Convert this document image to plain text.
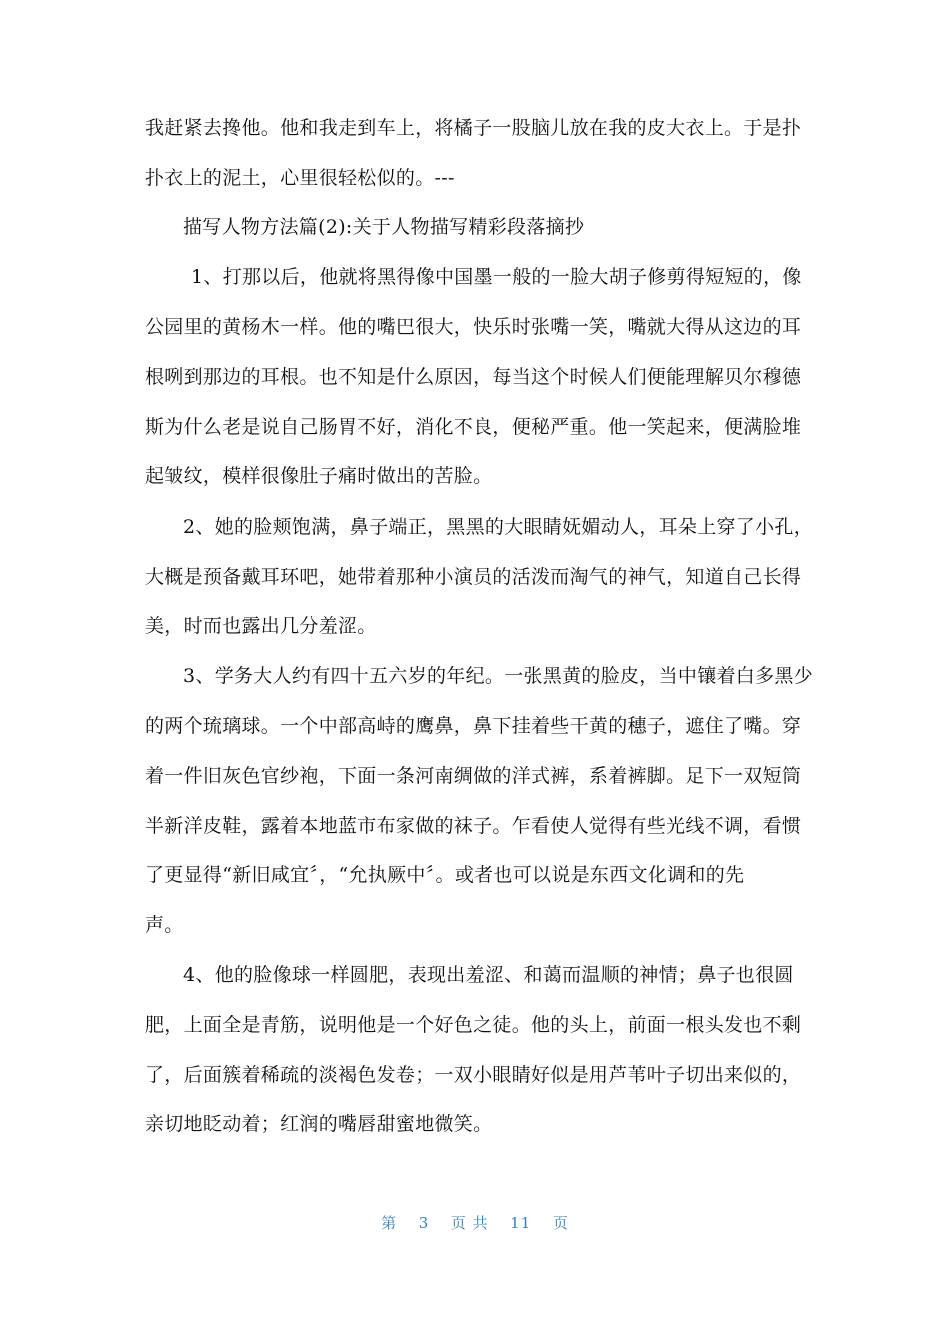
我赶紧去搀他。他和我走到车上，将橘子一股脑儿放在我的皮大衣上。于是扑
扑衣上的泥土，心里很轻松似的。---
描写人物方法篇(2):关于人物描写精彩段落摘抄
1、打那以后，他就将黑得像中国墨一般的一脸大胡子修剪得短短的，像
公园里的黄杨木一样。他的嘴巴很大，快乐时张嘴一笑，嘴就大得从这边的耳
根咧到那边的耳根。也不知是什么原因，每当这个时候人们便能理解贝尔穆德
斯为什么老是说自己肠胃不好，消化不良，便秘严重。他一笑起来，便满脸堆
起皱纹，模样很像肚子痛时做出的苦脸。
2、她的脸颊饱满，鼻子端正，黑黑的大眼睛妩媚动人，耳朵上穿了小孔，
大概是预备戴耳环吧，她带着那种小演员的活泼而淘气的神气，知道自己长得
美，时而也露出几分羞涩。
3、学务大人约有四十五六岁的年纪。一张黑黄的脸皮，当中镶着白多黑少
的两个琉璃球。一个中部高峙的鹰鼻，鼻下挂着些干黄的穗子，遮住了嘴。穿
着一件旧灰色官纱袍，下面一条河南绸做的洋式裤，系着裤脚。足下一双短筒
半新洋皮鞋，露着本地蓝市布家做的袜子。乍看使人觉得有些光线不调，看惯
了更显得“新旧咸宜〞，“允执厥中〞。或者也可以说是东西文化调和的先
声。
4、他的脸像球一样圆肥，表现出羞涩、和蔼而温顺的神情；鼻子也很圆
肥，上面全是青筋，说明他是一个好色之徒。他的头上，前面一根头发也不剩
了，后面簇着稀疏的淡褐色发卷；一双小眼睛好似是用芦苇叶子切出来似的，
亲切地眨动着；红润的嘴唇甜蜜地微笑。
第 3 页 共 11 页
